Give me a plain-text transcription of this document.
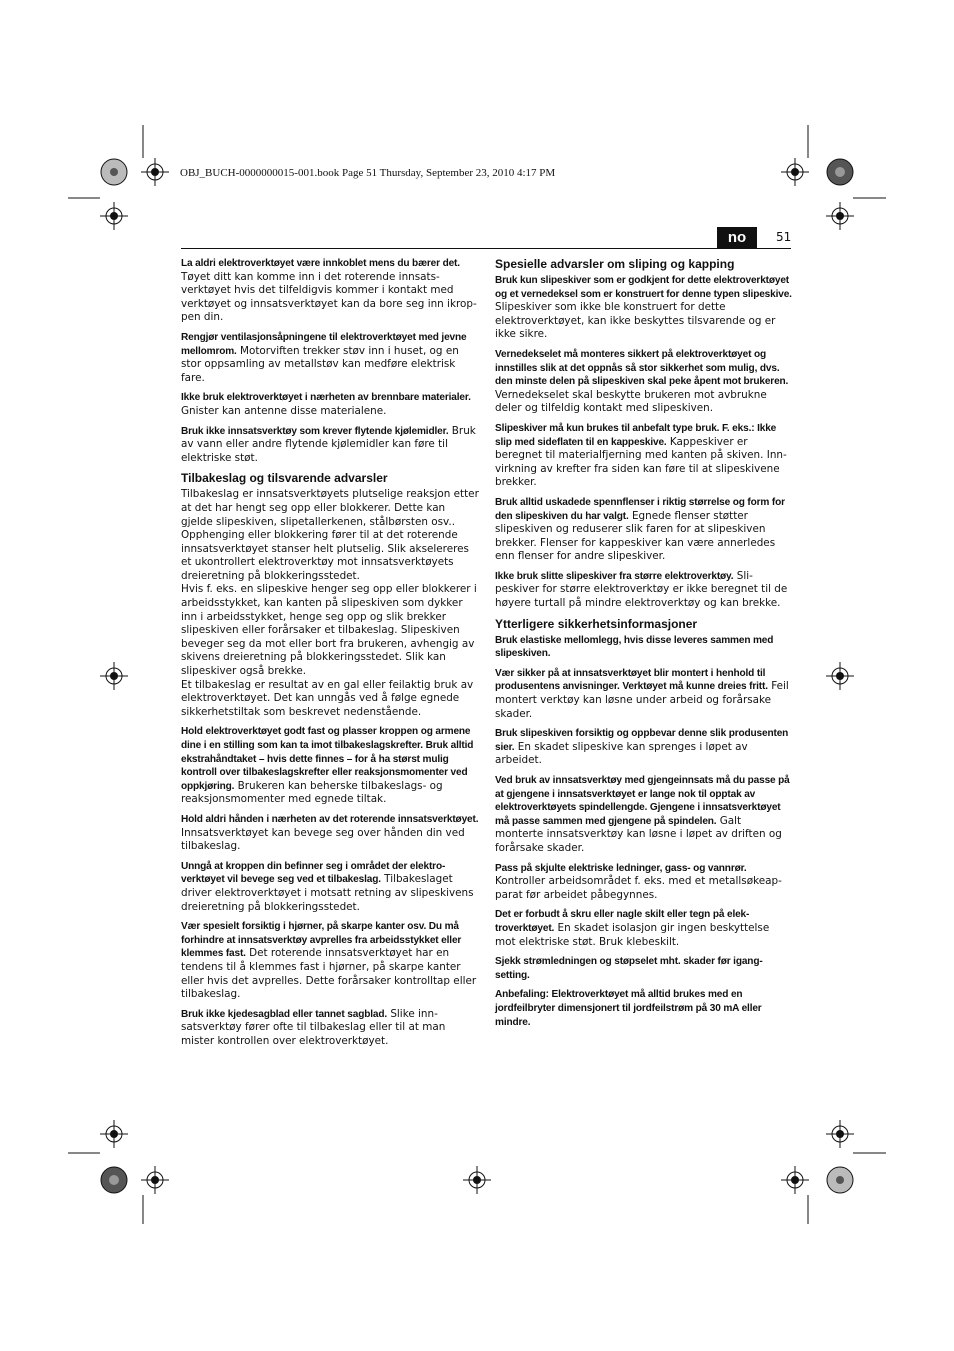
OBJ_BUCH-0000000015-001.book Page 51 Thursday, September 23, 2010 4:17 PM
no	51

La aldri elektroverktøyet være innkoblet mens du bærer det. Tøyet ditt kan komme inn i det roterende innsatsverktøyet hvis det tilfeldigvis kommer i kontakt med verktøyet og innsatsverktøyet kan da bore seg inn ikroppen din.

Rengjør ventilasjonsåpningene til elektroverktøyet med jevne mellomrom. Motorviften trekker støv inn i huset, og en stor oppsamling av metallstøv kan medføre elektrisk fare.

Ikke bruk elektroverktøyet i nærheten av brennbare materialer. Gnister kan antenne disse materialene.

Bruk ikke innsatsverktøy som krever flytende kjølemidler. Bruk av vann eller andre flytende kjølemidler kan føre til elektriske støt.

Tilbakeslag og tilsvarende advarsler

Tilbakeslag er innsatsverktøyets plutselige reaksjon etter at det har hengt seg opp eller blokkerer. Dette kan gjelde slipeskiven, slipetallerkenen, stålbørsten osv.. Opphenging eller blokkering fører til at det roterende innsatsverktøyet stanser helt plutselig. Slik akselereres et ukontrollert elektroverktøy mot innsatsverktøyets dreieretning på blokkeringsstedet.

Hvis f. eks. en slipeskive henger seg opp eller blokkerer i arbeidsstykket, kan kanten på slipeskiven som dykker inn i arbeidsstykket, henge seg opp og slik brekker slipeskiven eller forårsaker et tilbakeslag. Slipeskiven beveger seg da mot eller bort fra brukeren, avhengig av skivens dreieretning på blokkeringsstedet. Slik kan slipeskiver også brekke.

Et tilbakeslag er resultat av en gal eller feilaktig bruk av elektroverktøyet. Det kan unngås ved å følge egnede sikkerhetstiltak som beskrevet nedenstående.

Hold elektroverktøyet godt fast og plasser kroppen og armene dine i en stilling som kan ta imot tilbakeslagskrefter. Bruk alltid ekstrahåndtaket – hvis dette finnes – for å ha størst mulig kontroll over tilbakeslagskrefter eller reaksjonsmomenter ved oppkjøring. Brukeren kan beherske tilbakeslags- og reaksjonsmomenter med egnede tiltak.

Hold aldri hånden i nærheten av det roterende innsatsverktøyet. Innsatsverktøyet kan bevege seg over hånden din ved tilbakeslag.

Unngå at kroppen din befinner seg i området der elektroverktøyet vil bevege seg ved et tilbakeslag. Tilbakeslaget driver elektroverktøyet i motsatt retning av slipeskivens dreieretning på blokkeringsstedet.

Vær spesielt forsiktig i hjørner, på skarpe kanter osv. Du må forhindre at innsatsverktøy avprelles fra arbeidsstykket eller klemmes fast. Det roterende innsatsverktøyet har en tendens til å klemmes fast i hjørner, på skarpe kanter eller hvis det avprelles. Dette forårsaker kontrolltap eller tilbakeslag.

Bruk ikke kjedesagblad eller tannet sagblad. Slike innsatsverktøy fører ofte til tilbakeslag eller til at man mister kontrollen over elektroverktøyet.

Spesielle advarsler om sliping og kapping

Bruk kun slipeskiver som er godkjent for dette elektroverktøyet og et vernedeksel som er konstruert for denne typen slipeskive. Slipeskiver som ikke ble konstruert for dette elektroverktøyet, kan ikke beskyttes tilsvarende og er ikke sikre.

Vernedekselet må monteres sikkert på elektroverktøyet og innstilles slik at det oppnås så stor sikkerhet som mulig, dvs. den minste delen på slipeskiven skal peke åpent mot brukeren. Vernedekselet skal beskytte brukeren mot avbrukne deler og tilfeldig kontakt med slipeskiven.

Slipeskiver må kun brukes til anbefalt type bruk. F. eks.: Ikke slip med sideflaten til en kappeskive. Kappeskiver er beregnet til materialfjerning med kanten på skiven. Innvirkning av krefter fra siden kan føre til at slipeskivene brekker.

Bruk alltid uskadede spennflenser i riktig størrelse og form for den slipeskiven du har valgt. Egnede flenser støtter slipeskiven og reduserer slik faren for at slipeskiven brekker. Flenser for kappeskiver kan være annerledes enn flenser for andre slipeskiver.

Ikke bruk slitte slipeskiver fra større elektroverktøy. Slipeskiver for større elektroverktøy er ikke beregnet til de høyere turtall på mindre elektroverktøy og kan brekke.

Ytterligere sikkerhetsinformasjoner

Bruk elastiske mellomlegg, hvis disse leveres sammen med slipeskiven.

Vær sikker på at innsatsverktøyet blir montert i henhold til produsentens anvisninger. Verktøyet må kunne dreies fritt. Feil montert verktøy kan løsne under arbeid og forårsake skader.

Bruk slipeskiven forsiktig og oppbevar denne slik produsenten sier. En skadet slipeskive kan sprenges i løpet av arbeidet.

Ved bruk av innsatsverktøy med gjengeinnsats må du passe på at gjengene i innsatsverktøyet er lange nok til opptak av elektroverktøyets spindellengde. Gjengene i innsatsverktøyet må passe sammen med gjengene på spindelen. Galt monterte innsatsverktøy kan løsne i løpet av driften og forårsake skader.

Pass på skjulte elektriske ledninger, gass- og vannrør. Kontroller arbeidsområdet f. eks. med et metallsøkeapparat før arbeidet påbegynnes.

Det er forbudt å skru eller nagle skilt eller tegn på elektroverktøyet. En skadet isolasjon gir ingen beskyttelse mot elektriske støt. Bruk klebeskilt.

Sjekk strømledningen og støpselet mht. skader før igangsetting.

Anbefaling: Elektroverktøyet må alltid brukes med en jordfeilbryter dimensjonert til jordfeilstrøm på 30 mA eller mindre.
